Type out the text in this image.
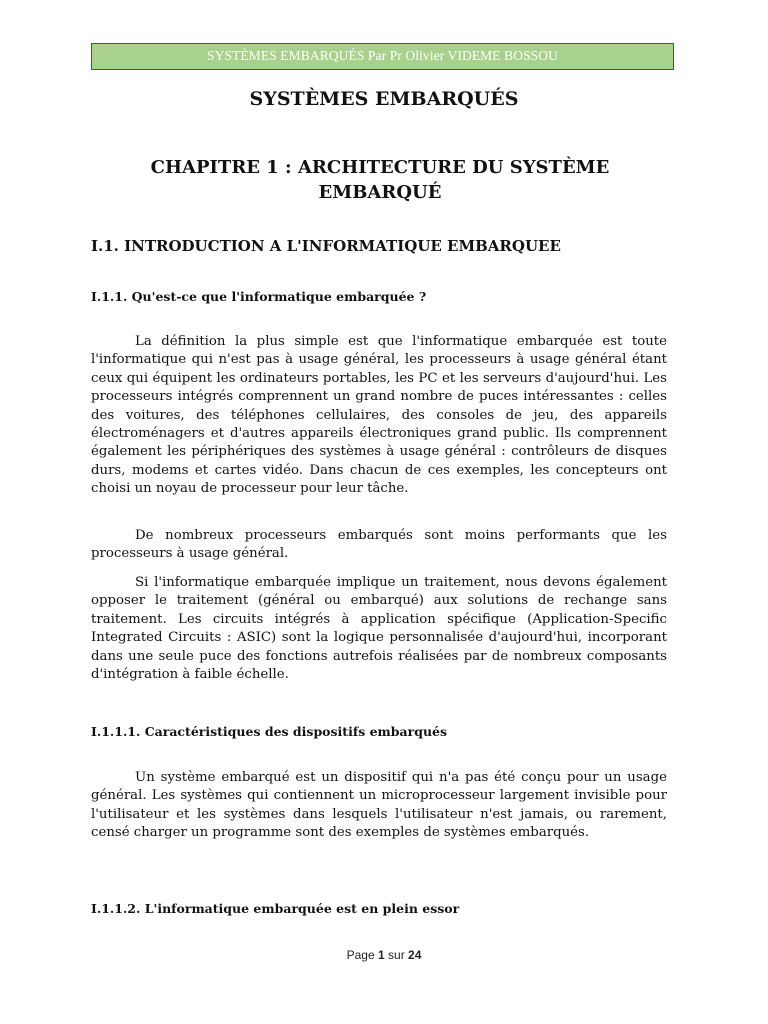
SYSTÈMES EMBARQUÉS Par Pr Olivier VIDEME BOSSOU
SYSTÈMES EMBARQUÉS
CHAPITRE 1 : ARCHITECTURE DU SYSTÈME
EMBARQUÉ
I.1. INTRODUCTION A L'INFORMATIQUE EMBARQUEE
I.1.1. Qu'est-ce que l'informatique embarquée ?

La définition la plus simple est que l'informatique embarquée est toute l'informatique qui n'est pas à usage général, les processeurs à usage général étant ceux qui équipent les ordinateurs portables, les PC et les serveurs d'aujourd'hui. Les processeurs intégrés comprennent un grand nombre de puces intéressantes : celles des voitures, des téléphones cellulaires, des consoles de jeu, des appareils électroménagers et d'autres appareils électroniques grand public. Ils comprennent également les périphériques des systèmes à usage général : contrôleurs de disques durs, modems et cartes vidéo. Dans chacun de ces exemples, les concepteurs ont choisi un noyau de processeur pour leur tâche.

De nombreux processeurs embarqués sont moins performants que les processeurs à usage général.

Si l'informatique embarquée implique un traitement, nous devons également opposer le traitement (général ou embarqué) aux solutions de rechange sans traitement. Les circuits intégrés à application spécifique (Application-Specific Integrated Circuits : ASIC) sont la logique personnalisée d'aujourd'hui, incorporant dans une seule puce des fonctions autrefois réalisées par de nombreux composants d'intégration à faible échelle.

I.1.1.1. Caractéristiques des dispositifs embarqués

Un système embarqué est un dispositif qui n'a pas été conçu pour un usage général. Les systèmes qui contiennent un microprocesseur largement invisible pour l'utilisateur et les systèmes dans lesquels l'utilisateur n'est jamais, ou rarement, censé charger un programme sont des exemples de systèmes embarqués.

I.1.1.2. L'informatique embarquée est en plein essor
Page 1 sur 24
